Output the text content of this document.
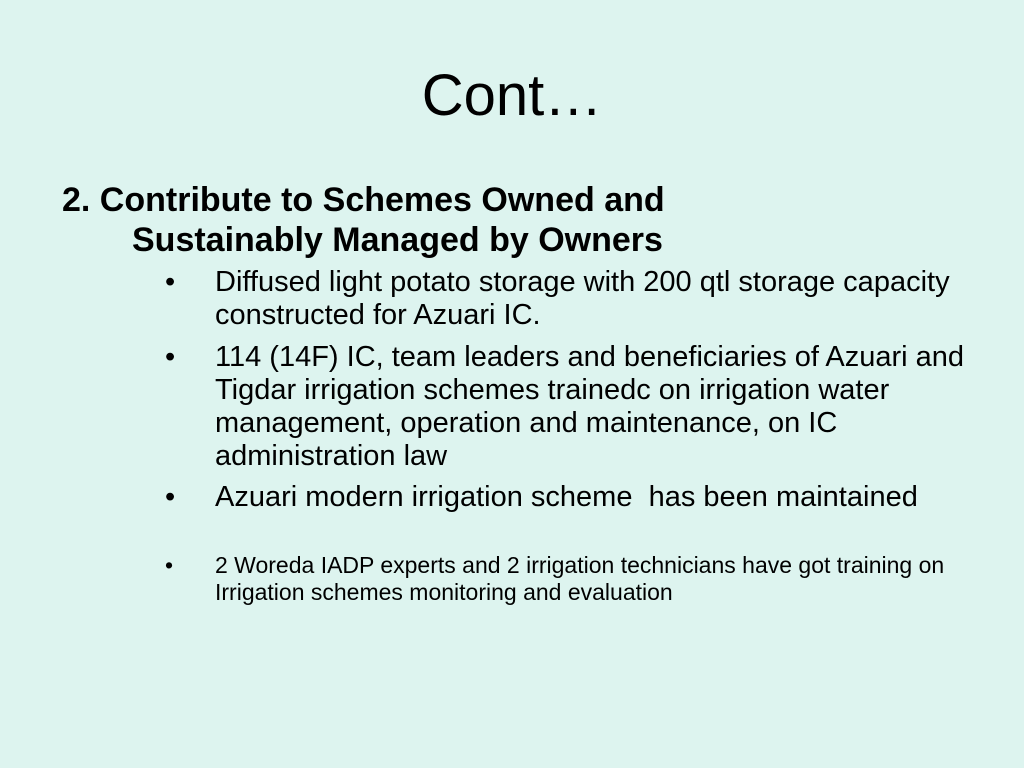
Cont…
2. Contribute to Schemes Owned and
Sustainably Managed by Owners
• Diffused light potato storage with 200 qtl storage capacity constructed for Azuari IC.
• 114 (14F) IC, team leaders and beneficiaries of Azuari and Tigdar irrigation schemes trainedc on irrigation water management, operation and maintenance, on IC administration law
• Azuari modern irrigation scheme  has been maintained
• 2 Woreda IADP experts and 2 irrigation technicians have got training on Irrigation schemes monitoring and evaluation
